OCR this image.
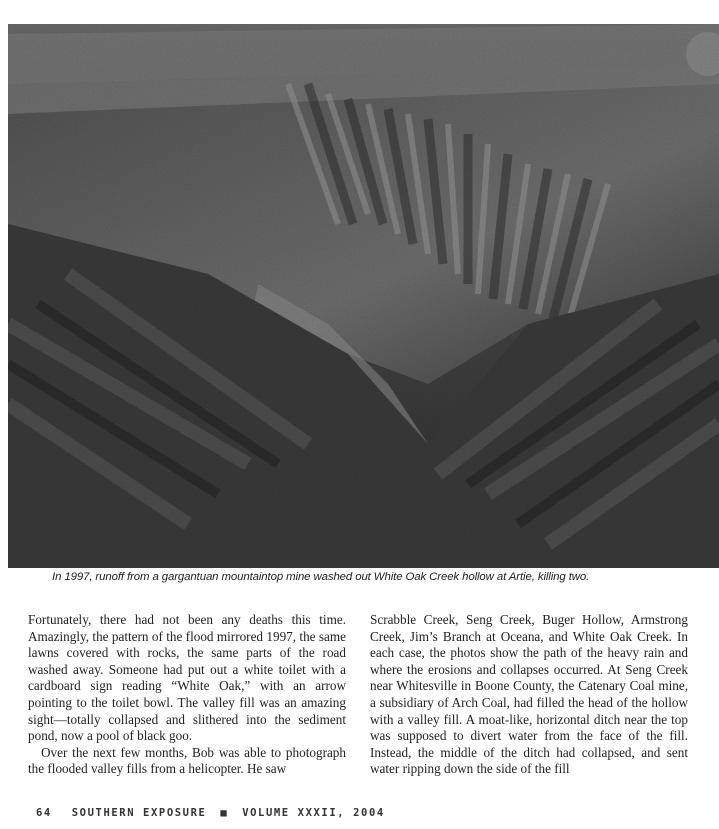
In 1997, runoff from a gargantuan mountaintop mine washed out White Oak Creek hollow at Artie, killing two.

Fortunately, there had not been any deaths this time. Amazingly, the pattern of the flood mirrored 1997, the same lawns covered with rocks, the same parts of the road washed away. Someone had put out a white toilet with a cardboard sign reading “White Oak,” with an arrow pointing to the toilet bowl. The valley fill was an amazing sight—totally collapsed and slithered into the sediment pond, now a pool of black goo.

Over the next few months, Bob was able to photograph the flooded valley fills from a helicopter. He saw

Scrabble Creek, Seng Creek, Buger Hollow, Armstrong Creek, Jim’s Branch at Oceana, and White Oak Creek. In each case, the photos show the path of the heavy rain and where the erosions and collapses occurred. At Seng Creek near Whitesville in Boone County, the Catenary Coal mine, a subsidiary of Arch Coal, had filled the head of the hollow with a valley fill. A moat-like, horizontal ditch near the top was supposed to divert water from the face of the fill. Instead, the middle of the ditch had collapsed, and sent water ripping down the side of the fill

64 SOUTHERN EXPOSURE ■ VOLUME XXXII, 2004
